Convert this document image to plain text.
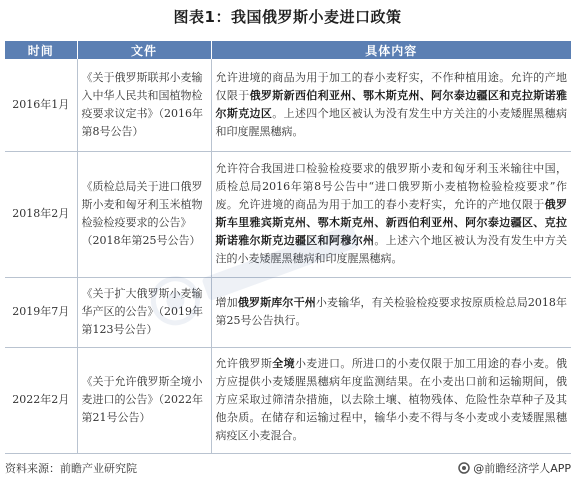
图表1：我国俄罗斯小麦进口政策
时间	文件	具体内容
2016年1月	《关于俄罗斯联邦小麦输入中华人民共和国植物检疫要求议定书》（2016年第8号公告）	允许进境的商品为用于加工的春小麦籽实，不作种植用途。允许的产地仅限于俄罗斯新西伯利亚州、鄂木斯克州、阿尔泰边疆区和克拉斯诺雅尔斯克边区。上述四个地区被认为没有发生中方关注的小麦矮腥黑穗病和印度腥黑穗病。
2018年2月	《质检总局关于进口俄罗斯小麦和匈牙利玉米植物检验检疫要求的公告》（2018年第25号公告）	允许符合我国进口检验检疫要求的俄罗斯小麦和匈牙利玉米输往中国，质检总局2016年第8号公告中“进口俄罗斯小麦植物检验检疫要求”作废。允许进境的商品为用于加工的春小麦籽实，允许的产地仅限于俄罗斯车里雅宾斯克州、鄂木斯克州、新西伯利亚州、阿尔泰边疆区、克拉斯诺雅尔斯克边疆区和阿穆尔州。上述六个地区被认为没有发生中方关注的小麦矮腥黑穗病和印度腥黑穗病。
2019年7月	《关于扩大俄罗斯小麦输华产区的公告》（2019年第123号公告）	增加俄罗斯库尔干州小麦输华，有关检验检疫要求按原质检总局2018年第25号公告执行。
2022年2月	《关于允许俄罗斯全境小麦进口的公告》（2022年第21号公告）	允许俄罗斯全境小麦进口。所进口的小麦仅限于加工用途的春小麦。俄方应提供小麦矮腥黑穗病年度监测结果。在小麦出口前和运输期间，俄方应采取过筛清杂措施，以去除土壤、植物残体、危险性杂草种子及其他杂质。在储存和运输过程中，输华小麦不得与冬小麦或小麦矮腥黑穗病疫区小麦混合。
资料来源：前瞻产业研究院	@前瞻经济学人APP
